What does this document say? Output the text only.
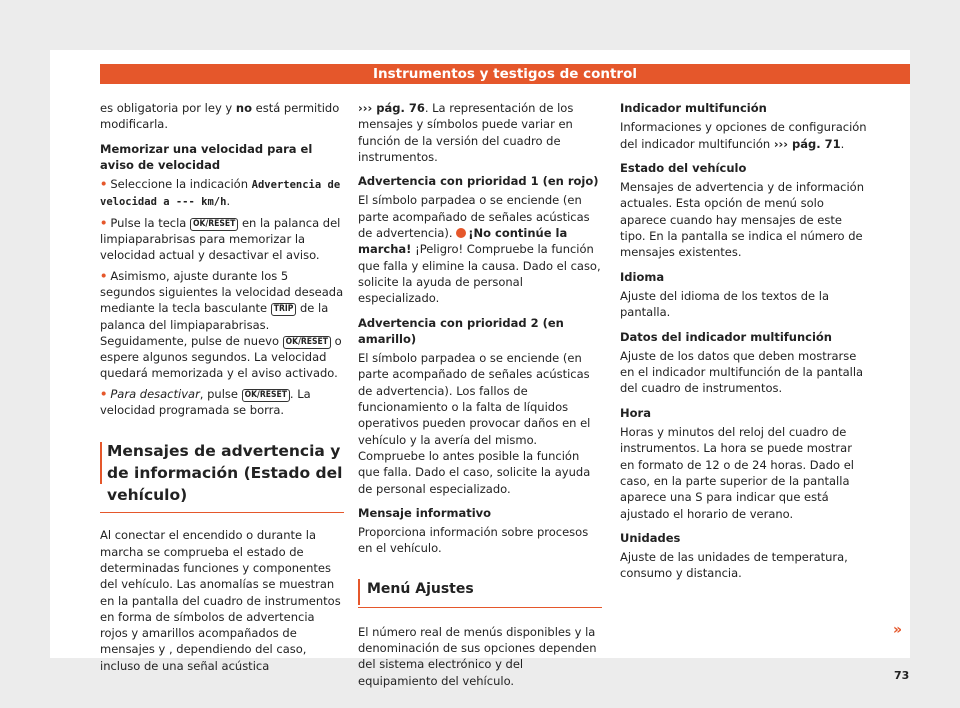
Instrumentos y testigos de control

es obligatoria por ley y no está permitido modificarla.

Memorizar una velocidad para el aviso de velocidad

• Seleccione la indicación Advertencia de velocidad a --- km/h.

• Pulse la tecla OK/RESET en la palanca del limpiaparabrisas para memorizar la velocidad actual y desactivar el aviso.

• Asimismo, ajuste durante los 5 segundos siguientes la velocidad deseada mediante la tecla basculante TRIP de la palanca del limpiaparabrisas. Seguidamente, pulse de nuevo OK/RESET o espere algunos segundos. La velocidad quedará memorizada y el aviso activado.

• Para desactivar, pulse OK/RESET . La velocidad programada se borra.

Mensajes de advertencia y de información (Estado del vehículo)

Al conectar el encendido o durante la marcha se comprueba el estado de determinadas funciones y componentes del vehículo. Las anomalías se muestran en la pantalla del cuadro de instrumentos en forma de símbolos de advertencia rojos y amarillos acompañados de mensajes y , dependiendo del caso, incluso de una señal acústica

››› pág. 76. La representación de los mensajes y símbolos puede variar en función de la versión del cuadro de instrumentos.

Advertencia con prioridad 1 (en rojo)

El símbolo parpadea o se enciende (en parte acompañado de señales acústicas de advertencia). ¡No continúe la marcha! ¡Peligro! Compruebe la función que falla y elimine la causa. Dado el caso, solicite la ayuda de personal especializado.

Advertencia con prioridad 2 (en amarillo)

El símbolo parpadea o se enciende (en parte acompañado de señales acústicas de advertencia). Los fallos de funcionamiento o la falta de líquidos operativos pueden provocar daños en el vehículo y la avería del mismo. Compruebe lo antes posible la función que falla. Dado el caso, solicite la ayuda de personal especializado.

Mensaje informativo

Proporciona información sobre procesos en el vehículo.

Menú Ajustes

El número real de menús disponibles y la denominación de sus opciones dependen del sistema electrónico y del equipamiento del vehículo.

Indicador multifunción

Informaciones y opciones de configuración del indicador multifunción ››› pág. 71.

Estado del vehículo

Mensajes de advertencia y de información actuales. Esta opción de menú solo aparece cuando hay mensajes de este tipo. En la pantalla se indica el número de mensajes existentes.

Idioma

Ajuste del idioma de los textos de la pantalla.

Datos del indicador multifunción

Ajuste de los datos que deben mostrarse en el indicador multifunción de la pantalla del cuadro de instrumentos.

Hora

Horas y minutos del reloj del cuadro de instrumentos. La hora se puede mostrar en formato de 12 o de 24 horas. Dado el caso, en la parte superior de la pantalla aparece una S para indicar que está ajustado el horario de verano.

Unidades

Ajuste de las unidades de temperatura, consumo y distancia.

»
73
